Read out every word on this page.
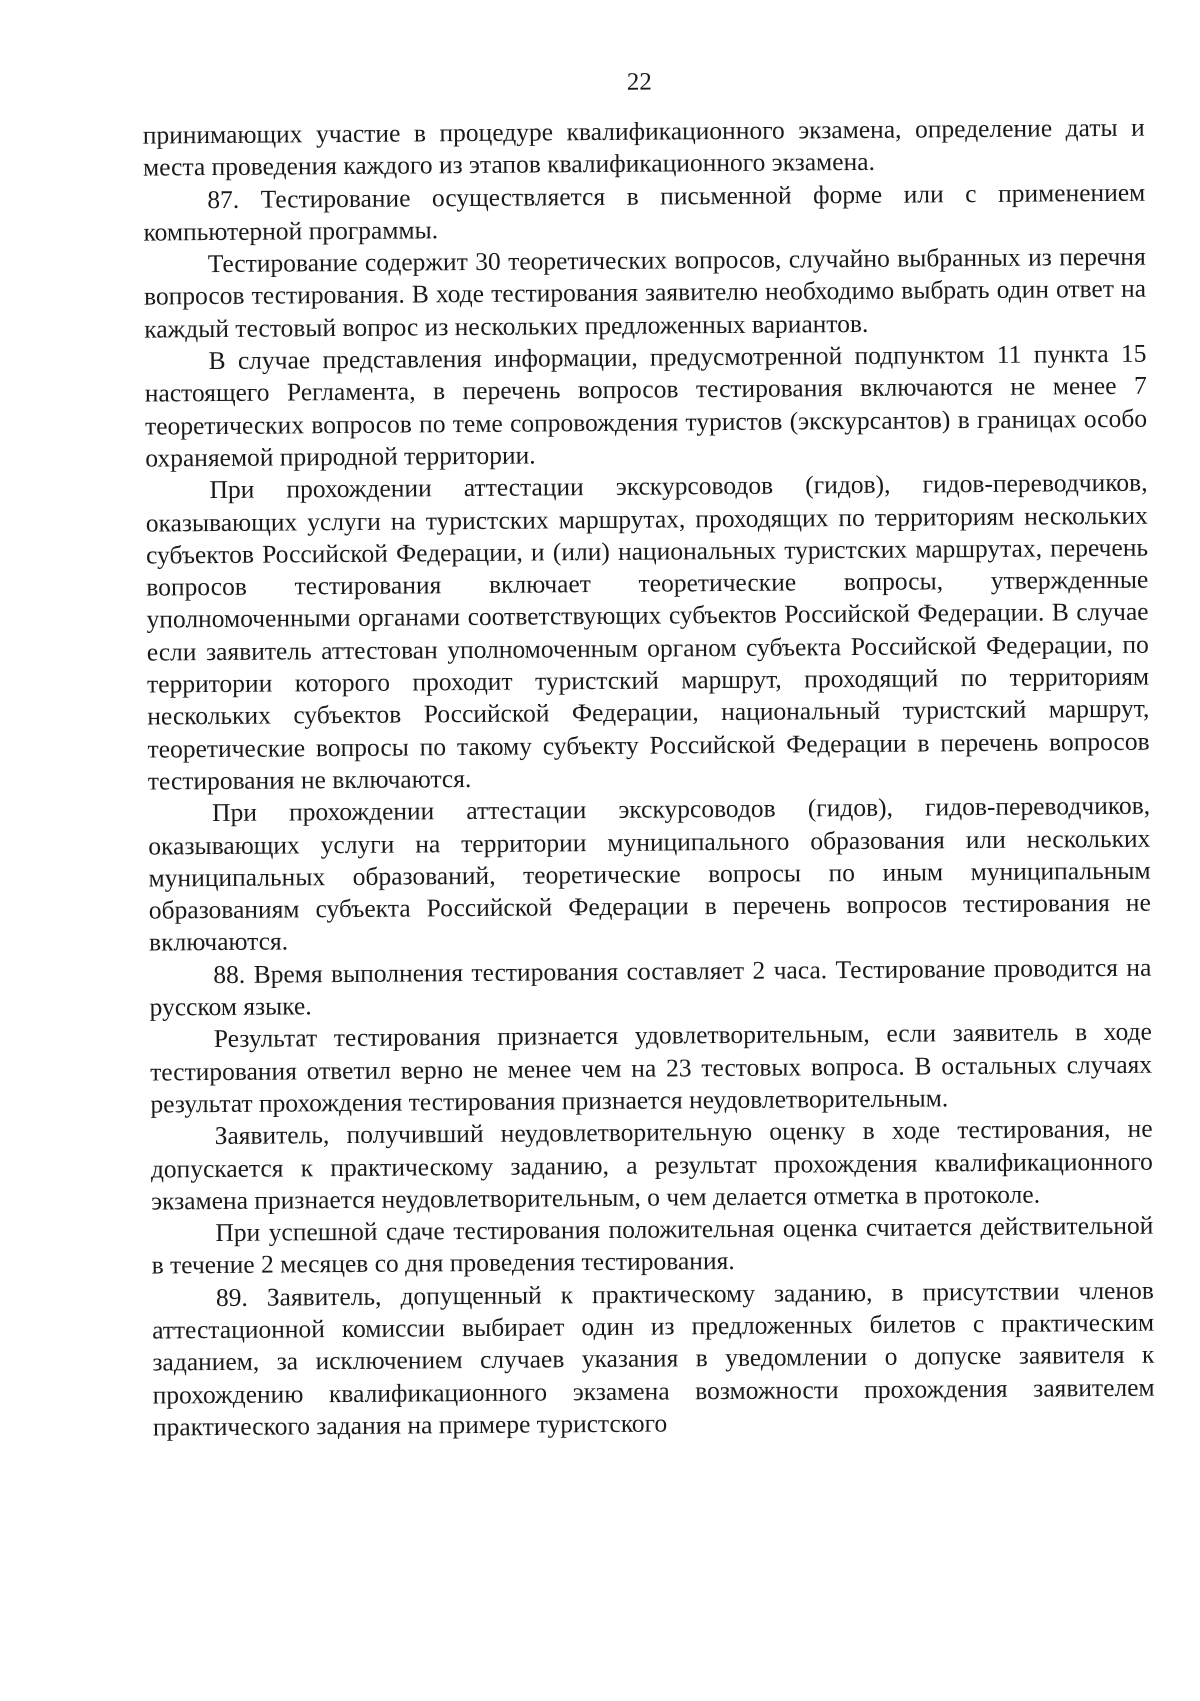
22

принимающих участие в процедуре квалификационного экзамена, определение даты и места проведения каждого из этапов квалификационного экзамена.

87. Тестирование осуществляется в письменной форме или с применением компьютерной программы.

Тестирование содержит 30 теоретических вопросов, случайно выбранных из перечня вопросов тестирования. В ходе тестирования заявителю необходимо выбрать один ответ на каждый тестовый вопрос из нескольких предложенных вариантов.

В случае представления информации, предусмотренной подпунктом 11 пункта 15 настоящего Регламента, в перечень вопросов тестирования включаются не менее 7 теоретических вопросов по теме сопровождения туристов (экскурсантов) в границах особо охраняемой природной территории.

При прохождении аттестации экскурсоводов (гидов), гидов-переводчиков, оказывающих услуги на туристских маршрутах, проходящих по территориям нескольких субъектов Российской Федерации, и (или) национальных туристских маршрутах, перечень вопросов тестирования включает теоретические вопросы, утвержденные уполномоченными органами соответствующих субъектов Российской Федерации. В случае если заявитель аттестован уполномоченным органом субъекта Российской Федерации, по территории которого проходит туристский маршрут, проходящий по территориям нескольких субъектов Российской Федерации, национальный туристский маршрут, теоретические вопросы по такому субъекту Российской Федерации в перечень вопросов тестирования не включаются.

При прохождении аттестации экскурсоводов (гидов), гидов-переводчиков, оказывающих услуги на территории муниципального образования или нескольких муниципальных образований, теоретические вопросы по иным муниципальным образованиям субъекта Российской Федерации в перечень вопросов тестирования не включаются.

88. Время выполнения тестирования составляет 2 часа. Тестирование проводится на русском языке.

Результат тестирования признается удовлетворительным, если заявитель в ходе тестирования ответил верно не менее чем на 23 тестовых вопроса. В остальных случаях результат прохождения тестирования признается неудовлетворительным.

Заявитель, получивший неудовлетворительную оценку в ходе тестирования, не допускается к практическому заданию, а результат прохождения квалификационного экзамена признается неудовлетворительным, о чем делается отметка в протоколе.

При успешной сдаче тестирования положительная оценка считается действительной в течение 2 месяцев со дня проведения тестирования.

89. Заявитель, допущенный к практическому заданию, в присутствии членов аттестационной комиссии выбирает один из предложенных билетов с практическим заданием, за исключением случаев указания в уведомлении о допуске заявителя к прохождению квалификационного экзамена возможности прохождения заявителем практического задания на примере туристского
